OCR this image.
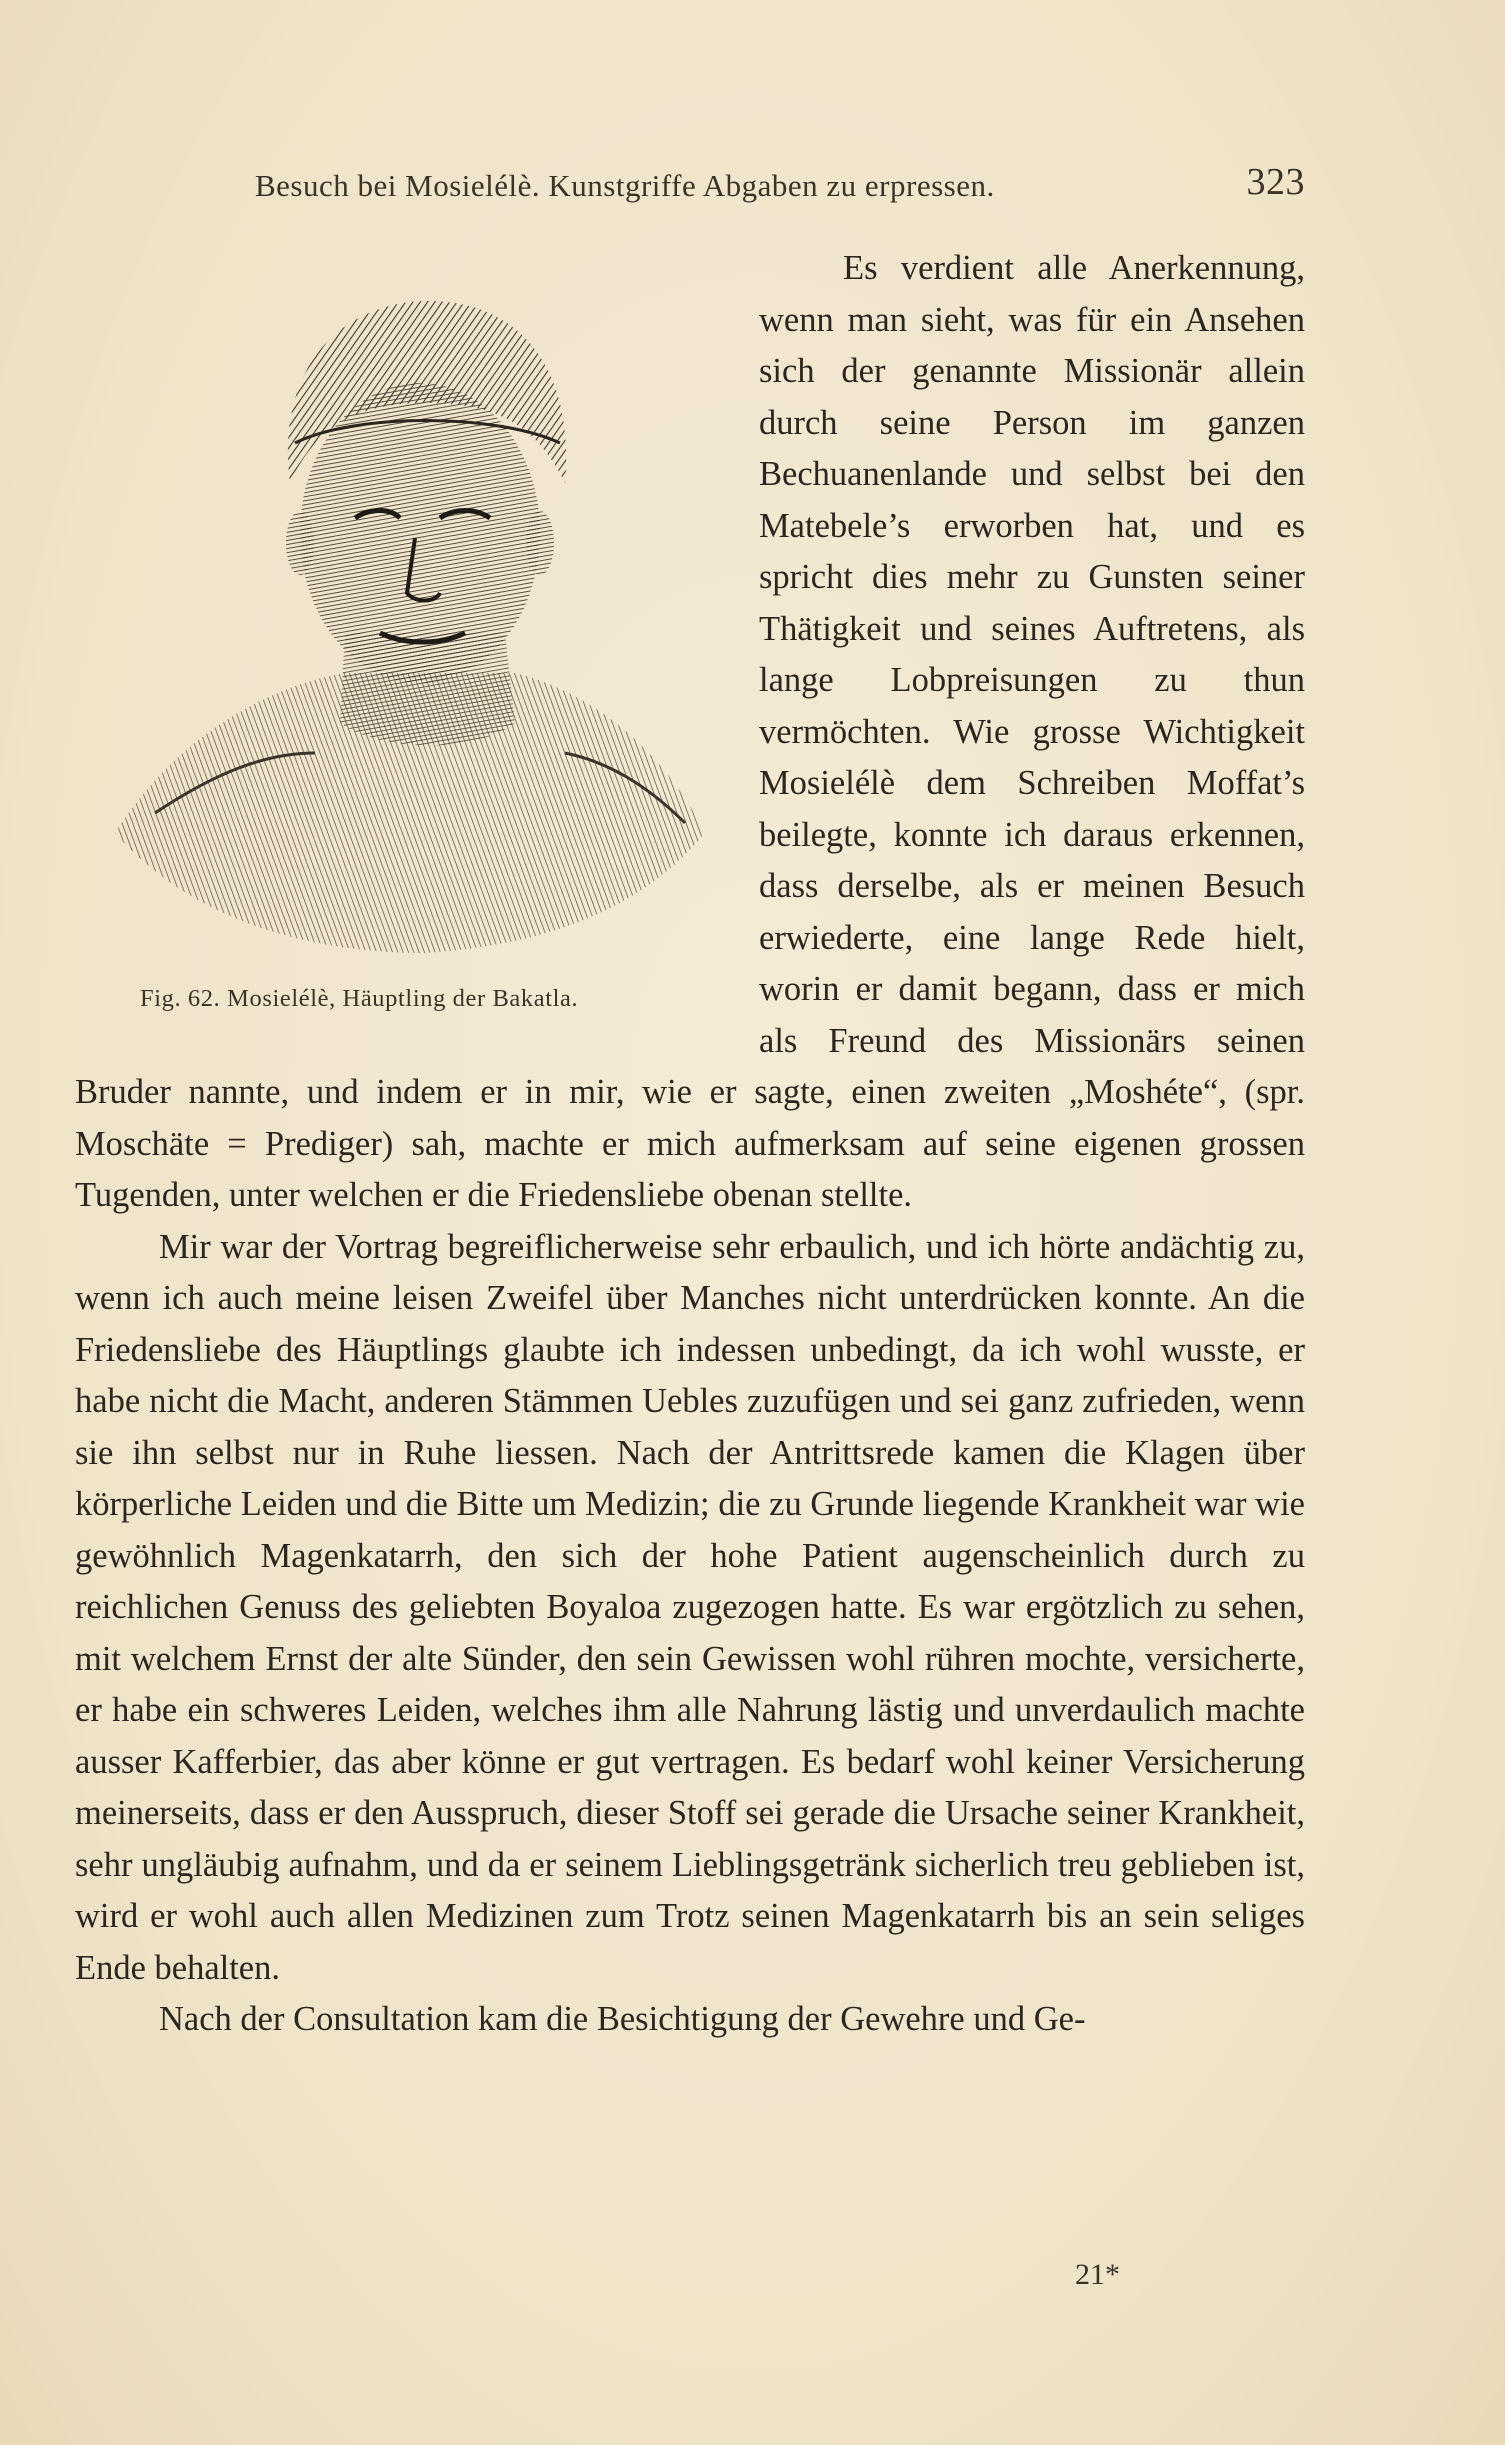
Besuch bei Mosielélè. Kunstgriffe Abgaben zu erpressen.	323
Fig. 62. Mosielélè, Häuptling der Bakatla.

Es verdient alle Anerkennung, wenn man sieht, was für ein Ansehen sich der genannte Missionär allein durch seine Person im ganzen Bechuanenlande und selbst bei den Matebele’s erworben hat, und es spricht dies mehr zu Gunsten seiner Thätigkeit und seines Auftretens, als lange Lobpreisungen zu thun vermöchten. Wie grosse Wichtigkeit Mosielélè dem Schreiben Moffat’s beilegte, konnte ich daraus erkennen, dass derselbe, als er meinen Besuch erwiederte, eine lange Rede hielt, worin er damit begann, dass er mich als Freund des Missionärs seinen Bruder nannte, und indem er in mir, wie er sagte, einen zweiten „Moshéte“, (spr. Moschäte = Prediger) sah, machte er mich aufmerksam auf seine eigenen grossen Tugenden, unter welchen er die Friedensliebe obenan stellte.

Mir war der Vortrag begreiflicherweise sehr erbaulich, und ich hörte andächtig zu, wenn ich auch meine leisen Zweifel über Manches nicht unterdrücken konnte. An die Friedensliebe des Häuptlings glaubte ich indessen unbedingt, da ich wohl wusste, er habe nicht die Macht, anderen Stämmen Uebles zuzufügen und sei ganz zufrieden, wenn sie ihn selbst nur in Ruhe liessen. Nach der Antrittsrede kamen die Klagen über körperliche Leiden und die Bitte um Medizin; die zu Grunde liegende Krankheit war wie gewöhnlich Magenkatarrh, den sich der hohe Patient augenscheinlich durch zu reichlichen Genuss des geliebten Boyaloa zugezogen hatte. Es war ergötzlich zu sehen, mit welchem Ernst der alte Sünder, den sein Gewissen wohl rühren mochte, versicherte, er habe ein schweres Leiden, welches ihm alle Nahrung lästig und unverdaulich machte ausser Kafferbier, das aber könne er gut vertragen. Es bedarf wohl keiner Versicherung meinerseits, dass er den Ausspruch, dieser Stoff sei gerade die Ursache seiner Krankheit, sehr ungläubig aufnahm, und da er seinem Lieblingsgetränk sicherlich treu geblieben ist, wird er wohl auch allen Medizinen zum Trotz seinen Magenkatarrh bis an sein seliges Ende behalten.

Nach der Consultation kam die Besichtigung der Gewehre und Ge-

21*
